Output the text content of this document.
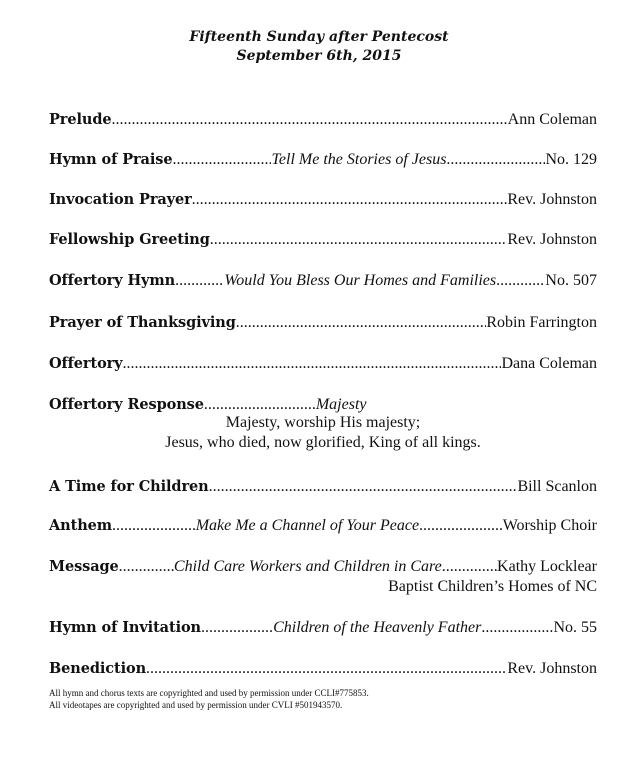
Fifteenth Sunday after Pentecost
September 6th, 2015
Prelude .....	Ann Coleman
Hymn of Praise .....	Tell Me the Stories of Jesus .....	No. 129
Invocation Prayer .....	Rev. Johnston
Fellowship Greeting .....	Rev. Johnston
Offertory Hymn .....	Would You Bless Our Homes and Families .....	No. 507
Prayer of Thanksgiving .....	Robin Farrington
Offertory .....	Dana Coleman
Offertory Response .....	Majesty
Majesty, worship His majesty;
Jesus, who died, now glorified, King of all kings.
A Time for Children .....	Bill Scanlon
Anthem .....	Make Me a Channel of Your Peace .....	Worship Choir
Message .....	Child Care Workers and Children in Care .....	Kathy Locklear
Baptist Children’s Homes of NC
Hymn of Invitation .....	Children of the Heavenly Father .....	No. 55
Benediction .....	Rev. Johnston
All hymn and chorus texts are copyrighted and used by permission under CCLI#775853.
All videotapes are copyrighted and used by permission under CVLI #501943570.
